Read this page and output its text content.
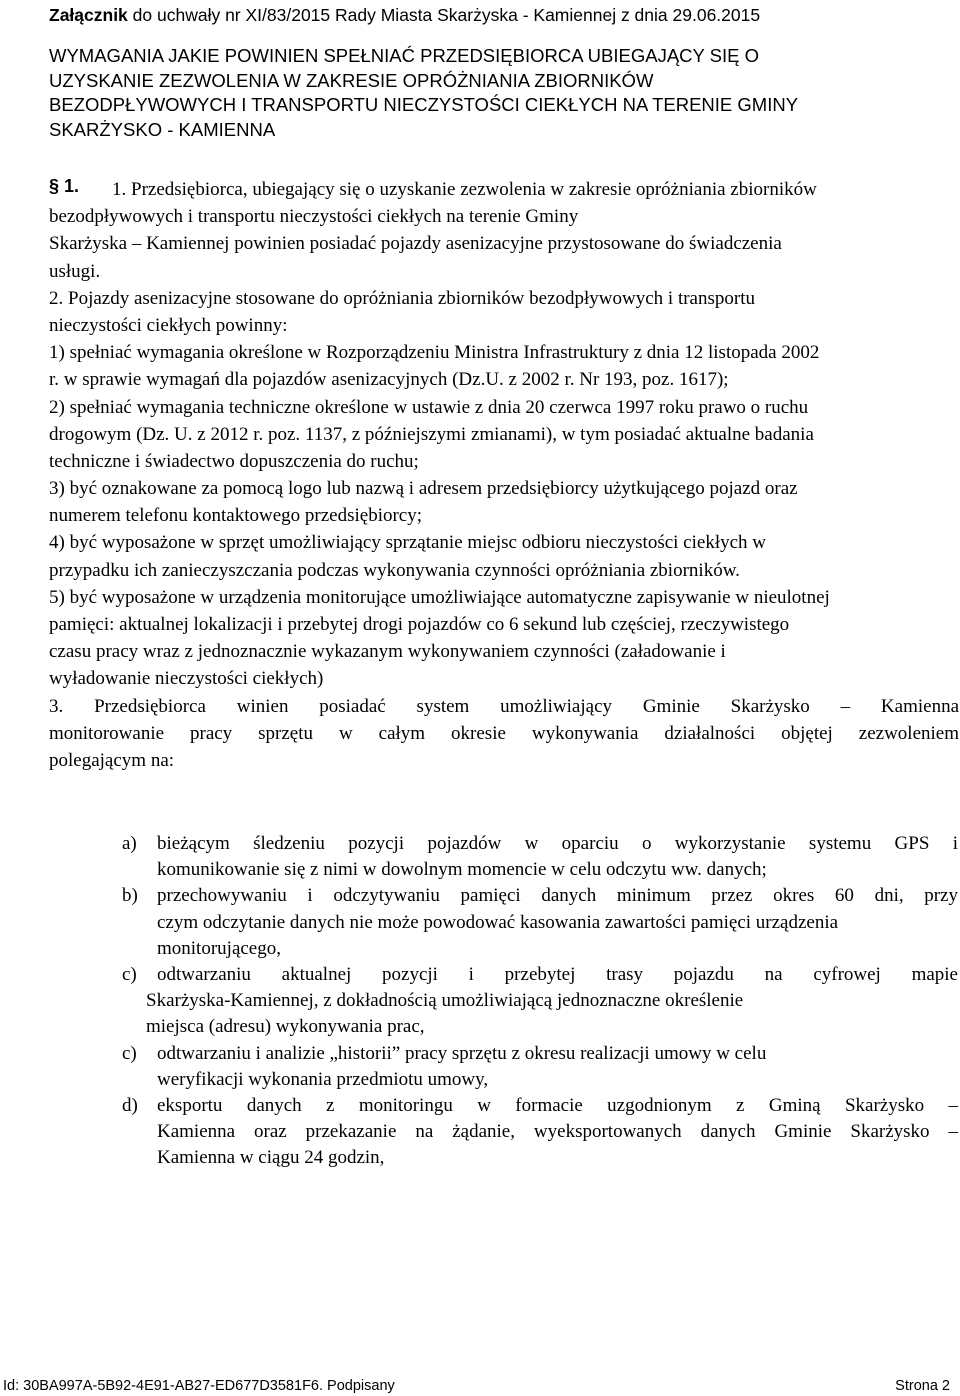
Załącznik do uchwały nr XI/83/2015 Rady Miasta Skarżyska - Kamiennej z dnia 29.06.2015
WYMAGANIA JAKIE POWINIEN SPEŁNIAĆ PRZEDSIĘBIORCA UBIEGAJĄCY SIĘ O
UZYSKANIE ZEZWOLENIA W ZAKRESIE OPRÓŻNIANIA ZBIORNIKÓW
BEZODPŁYWOWYCH I TRANSPORTU NIECZYSTOŚCI CIEKŁYCH NA TERENIE GMINY
SKARŻYSKO - KAMIENNA
§ 1.	1. Przedsiębiorca, ubiegający się o uzyskanie zezwolenia w zakresie opróżniania zbiorników
bezodpływowych i transportu nieczystości ciekłych na terenie Gminy
Skarżyska – Kamiennej powinien posiadać pojazdy asenizacyjne przystosowane do świadczenia
usługi.
2. Pojazdy asenizacyjne stosowane do opróżniania zbiorników bezodpływowych i transportu
nieczystości ciekłych powinny:
1) spełniać wymagania określone w Rozporządzeniu Ministra Infrastruktury z dnia 12 listopada 2002
r. w sprawie wymagań dla pojazdów asenizacyjnych (Dz.U. z 2002 r. Nr 193, poz. 1617);
2) spełniać wymagania techniczne określone w ustawie z dnia 20 czerwca 1997 roku prawo o ruchu
drogowym (Dz. U. z 2012 r. poz. 1137, z późniejszymi zmianami), w tym posiadać aktualne badania
techniczne i świadectwo dopuszczenia do ruchu;
3) być oznakowane za pomocą logo lub nazwą i adresem przedsiębiorcy użytkującego pojazd oraz
numerem telefonu kontaktowego przedsiębiorcy;
4) być wyposażone w sprzęt umożliwiający sprzątanie miejsc odbioru nieczystości ciekłych w
przypadku ich zanieczyszczania podczas wykonywania czynności opróżniania zbiorników.
5) być wyposażone w urządzenia monitorujące umożliwiające automatyczne zapisywanie w nieulotnej
pamięci: aktualnej lokalizacji i przebytej drogi pojazdów co 6 sekund lub częściej, rzeczywistego
czasu pracy wraz z jednoznacznie wykazanym wykonywaniem czynności (załadowanie i
wyładowanie nieczystości ciekłych)
3. Przedsiębiorca winien posiadać system umożliwiający Gminie Skarżysko – Kamienna
monitorowanie pracy sprzętu w całym okresie wykonywania działalności objętej zezwoleniem
polegającym na:
a) bieżącym śledzeniu pozycji pojazdów w oparciu o wykorzystanie systemu GPS i
komunikowanie się z nimi w dowolnym momencie w celu odczytu ww. danych;
b) przechowywaniu i odczytywaniu pamięci danych minimum przez okres 60 dni, przy
czym odczytanie danych nie może powodować kasowania zawartości pamięci urządzenia
monitorującego,
c) odtwarzaniu aktualnej pozycji i przebytej trasy pojazdu na cyfrowej mapie
Skarżyska-Kamiennej, z dokładnością umożliwiającą jednoznaczne określenie
miejsca (adresu) wykonywania prac,
c) odtwarzaniu i analizie „historii” pracy sprzętu z okresu realizacji umowy w celu
weryfikacji wykonania przedmiotu umowy,
d) eksportu danych z monitoringu w formacie uzgodnionym z Gminą Skarżysko –
Kamienna oraz przekazanie na żądanie, wyeksportowanych danych Gminie Skarżysko –
Kamienna w ciągu 24 godzin,
Id: 30BA997A-5B92-4E91-AB27-ED677D3581F6. Podpisany	Strona 2
